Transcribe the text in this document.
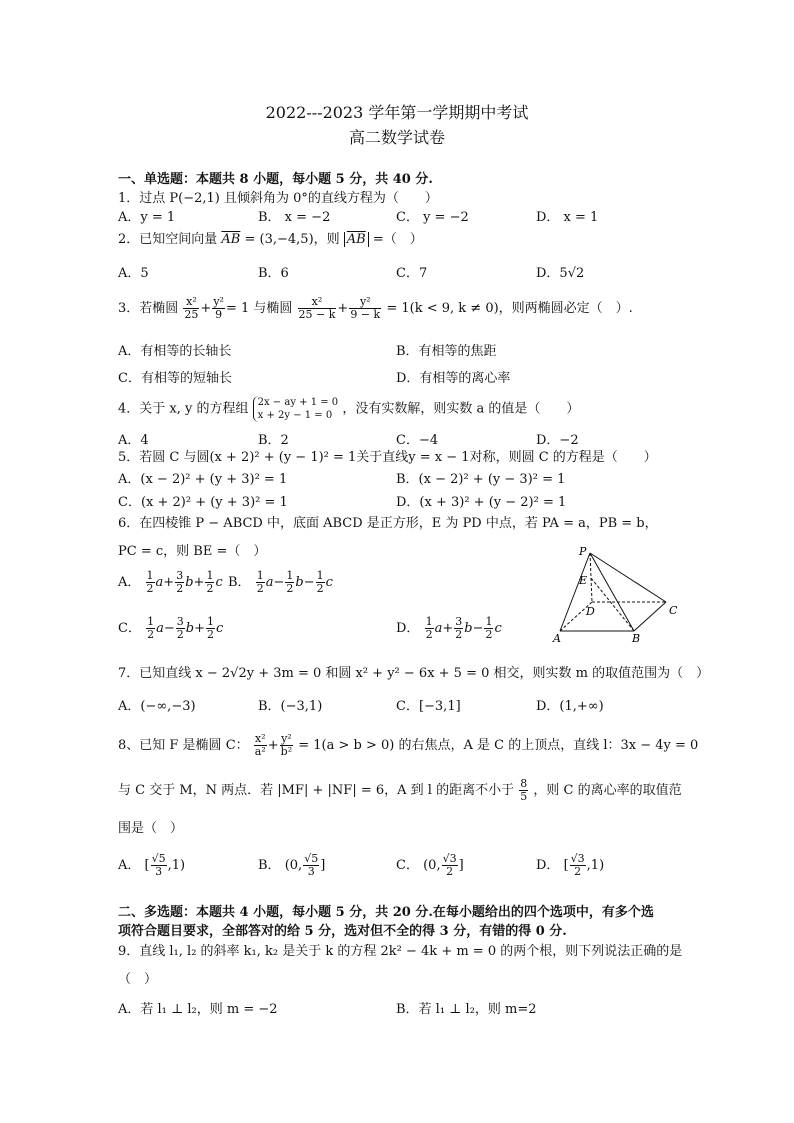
2022---2023 学年第一学期期中考试
高二数学试卷
一、单选题：本题共 8 小题，每小题 5 分，共 40 分.
1．过点 P(−2,1) 且倾斜角为 0°的直线方程为（　　）
A．y = 1	B． x = −2	C． y = −2	D． x = 1
2．已知空间向量 $\overline{AB} = (3,-4,5)$，则 $\overline{AB}$ =（　）
A．5	B．6	C．7	D．5√2
3．若椭圆 $\frac{\text{x²}}{25} + \frac{\text{y²}}{9} = 1$ 与椭圆 $\frac{\text{x²}}{25 - k} + \frac{\text{y²}}{9 - k} = 1(k < 9$, k ≠ 0)，则两椭圆必定（　）.
A．有相等的长轴长	B．有相等的焦距
C．有相等的短轴长	D．有相等的离心率
4．关于 x, y 的方程组 2x − ay + 1 = 0
x + 2y − 1 = 0 ，没有实数解，则实数 a 的值是（　　）
A．4	B．2	C．−4	D．−2
5．若圆 C 与圆(x + 2)² + (y − 1)² = 1关于直线y = x − 1对称，则圆 C 的方程是（　　）
A．(x − 2)² + (y + 3)² = 1	B．(x − 2)² + (y − 3)² = 1
C．(x + 2)² + (y + 3)² = 1	D．(x + 3)² + (y − 2)² = 1
6．在四棱锥 P − ABCD 中，底面 ABCD 是正方形，E 为 PD 中点，若 PA = a，PB = b，
PC = c，则 BE =（　）
A． $\frac{1}{2} a+ \frac{3}{2} b+ \frac{1}{2}$ c B． $\frac{1}{2} a- \frac{1}{2} b- \frac{1}{2}$ c
C． $\frac{1}{2} a- \frac{3}{2} b+ \frac{1}{2}$ c	D． $\frac{1}{2} a+ \frac{3}{2} b- \frac{1}{2}$ c
P
E
D	C
A	B
7．已知直线 x − 2√2y + 3m = 0 和圆 x² + y² − 6x + 5 = 0 相交，则实数 m 的取值范围为（　）
A．(−∞,−3)	B．(−3,1)	C．[−3,1]	D．(1,+∞)
8、已知 F 是椭圆 C： $\frac{\text{x²}}{\text{a²}} + \frac{\text{y²}}{\text{b²}} = 1(a > b > 0)$ 的右焦点，A 是 C 的上顶点，直线 l：3x − 4y = 0
与 C 交于 M，N 两点．若 |MF| + |NF| = 6，A 到 l 的距离不小于 $\frac{8}{5}$ ，则 C 的离心率的取值范
围是（　）
A． [ $\frac{√5}{3} ,1$)	B． (0, $\frac{√5}{3}$ ]	C． (0, $\frac{√3}{2}$ ]	D． [ $\frac{√3}{2} ,1$)
二、多选题：本题共 4 小题，每小题 5 分，共 20 分.在每小题给出的四个选项中，有多个选
项符合题目要求，全部答对的给 5 分，选对但不全的得 3 分，有错的得 0 分.
9．直线 l₁, l₂ 的斜率 k₁, k₂ 是关于 k 的方程 2k² − 4k + m = 0 的两个根，则下列说法正确的是
（　）
A．若 l₁ ⊥ l₂，则 m = −2	B．若 l₁ ⊥ l₂，则 m=2
